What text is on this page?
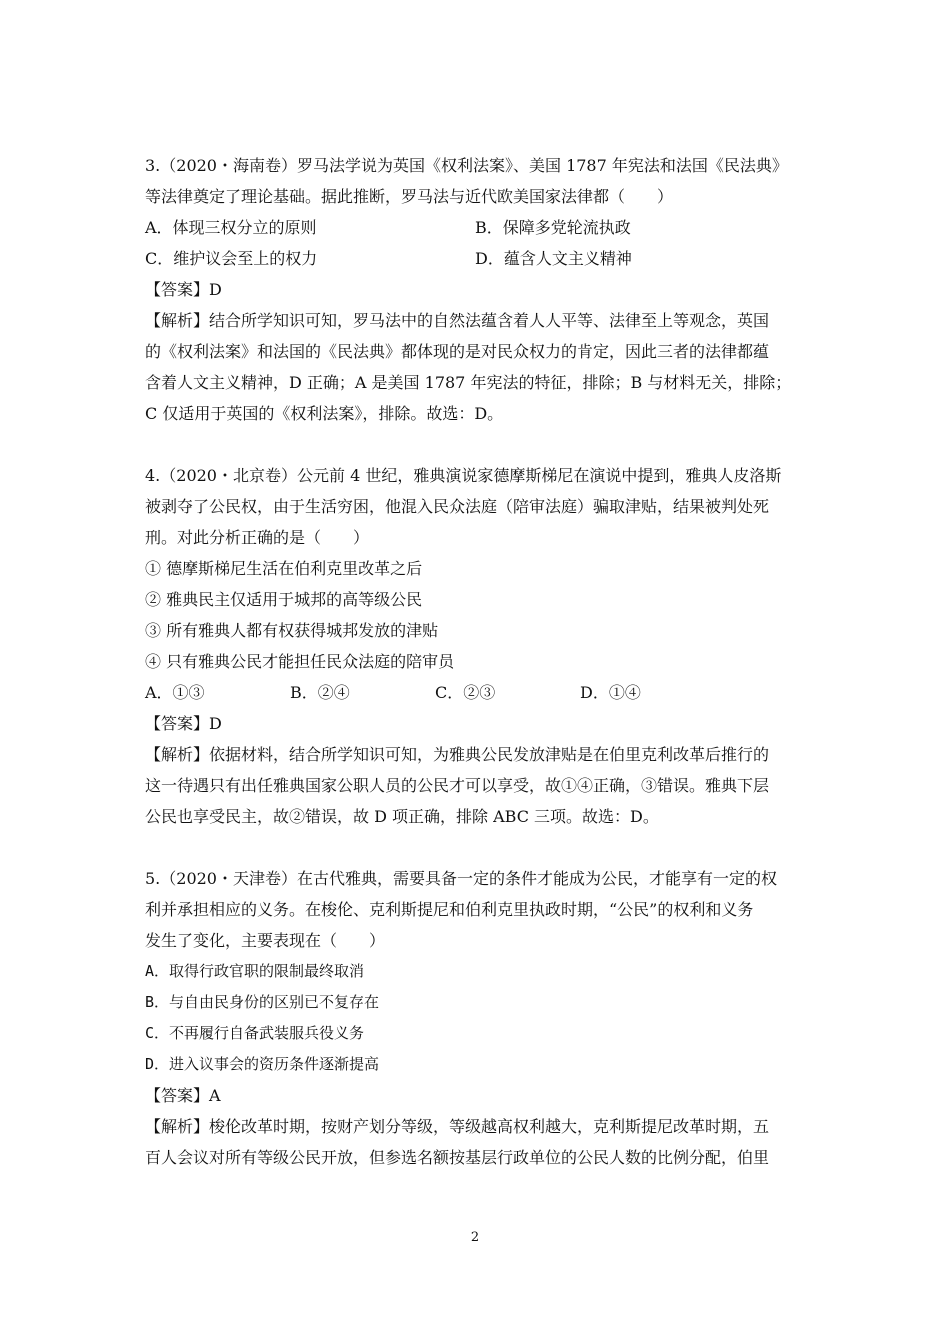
3.（2020・海南卷）罗马法学说为英国《权利法案》、美国 1787 年宪法和法国《民法典》
等法律奠定了理论基础。据此推断，罗马法与近代欧美国家法律都（　　）
A．体现三权分立的原则	B．保障多党轮流执政
C．维护议会至上的权力	D．蕴含人文主义精神
【答案】D
【解析】结合所学知识可知，罗马法中的自然法蕴含着人人平等、法律至上等观念，英国
的《权利法案》和法国的《民法典》都体现的是对民众权力的肯定，因此三者的法律都蕴
含着人文主义精神，D 正确；A 是美国 1787 年宪法的特征，排除；B 与材料无关，排除；
C 仅适用于英国的《权利法案》，排除。故选：D。
4.（2020・北京卷）公元前 4 世纪，雅典演说家德摩斯梯尼在演说中提到，雅典人皮洛斯
被剥夺了公民权，由于生活穷困，他混入民众法庭（陪审法庭）骗取津贴，结果被判处死
刑。对此分析正确的是（　　）
① 德摩斯梯尼生活在伯利克里改革之后
② 雅典民主仅适用于城邦的高等级公民
③ 所有雅典人都有权获得城邦发放的津贴
④ 只有雅典公民才能担任民众法庭的陪审员
A．①③	B．②④	C．②③	D．①④
【答案】D
【解析】依据材料，结合所学知识可知，为雅典公民发放津贴是在伯里克利改革后推行的
这一待遇只有出任雅典国家公职人员的公民才可以享受，故①④正确，③错误。雅典下层
公民也享受民主，故②错误，故 D 项正确，排除 ABC 三项。故选：D。
5.（2020・天津卷）在古代雅典，需要具备一定的条件才能成为公民，才能享有一定的权
利并承担相应的义务。在梭伦、克利斯提尼和伯利克里执政时期，“公民”的权利和义务
发生了变化，主要表现在（　　）
A．取得行政官职的限制最终取消
B．与自由民身份的区别已不复存在
C．不再履行自备武装服兵役义务
D．进入议事会的资历条件逐渐提高
【答案】A
【解析】梭伦改革时期，按财产划分等级，等级越高权利越大，克利斯提尼改革时期，五
百人会议对所有等级公民开放，但参选名额按基层行政单位的公民人数的比例分配，伯里
2
